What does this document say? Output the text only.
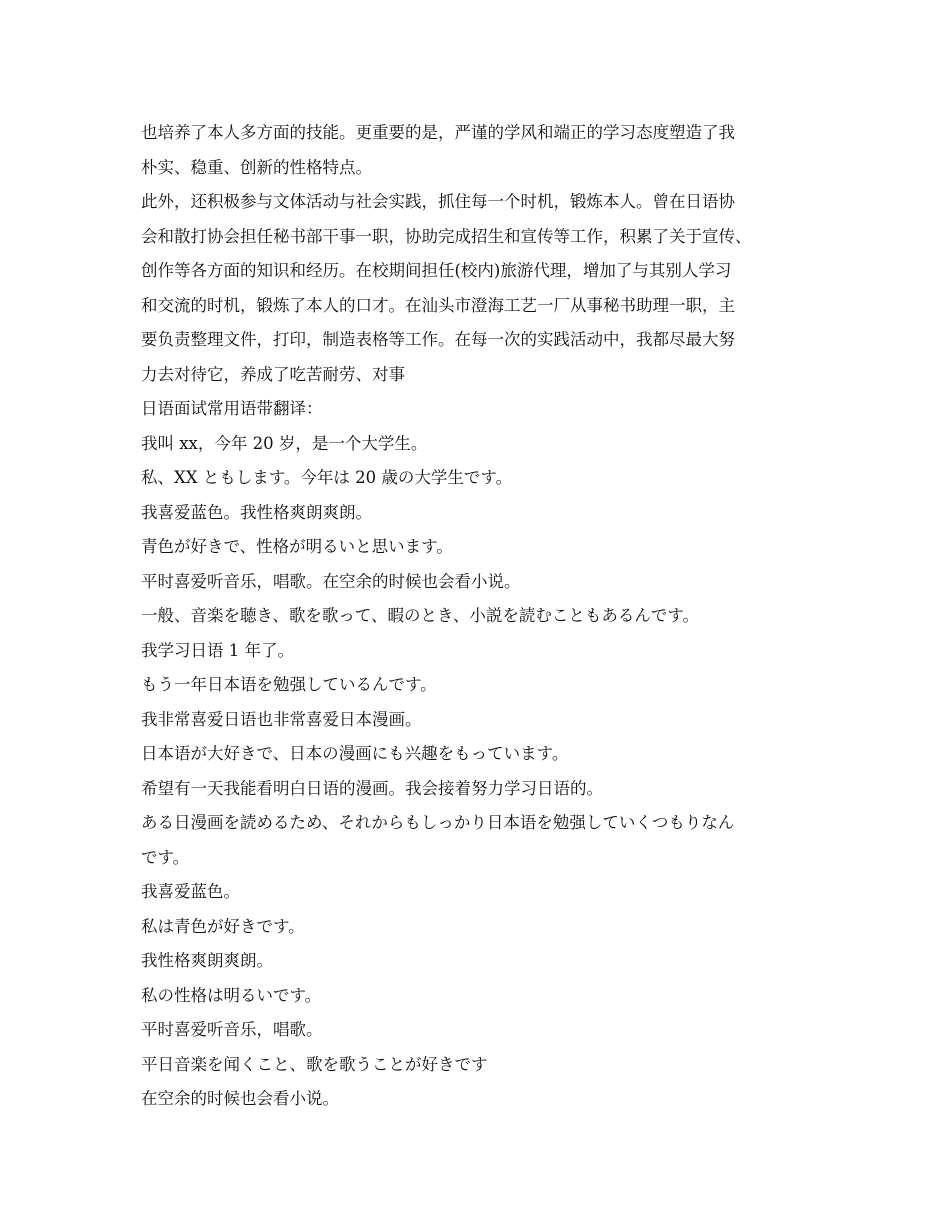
也培养了本人多方面的技能。更重要的是，严谨的学风和端正的学习态度塑造了我
朴实、稳重、创新的性格特点。
此外，还积极参与文体活动与社会实践，抓住每一个时机，锻炼本人。曾在日语协
会和散打协会担任秘书部干事一职，协助完成招生和宣传等工作，积累了关于宣传、
创作等各方面的知识和经历。在校期间担任(校内)旅游代理，增加了与其别人学习
和交流的时机，锻炼了本人的口才。在汕头市澄海工艺一厂从事秘书助理一职，主
要负责整理文件，打印，制造表格等工作。在每一次的实践活动中，我都尽最大努
力去对待它，养成了吃苦耐劳、对事
日语面试常用语带翻译：
我叫 xx，今年 20 岁，是一个大学生。
私、XX ともします。今年は 20 歳の大学生です。
我喜爱蓝色。我性格爽朗爽朗。
青色が好きで、性格が明るいと思います。
平时喜爱听音乐，唱歌。在空余的时候也会看小说。
一般、音楽を聴き、歌を歌って、暇のとき、小説を読むこともあるんです。
我学习日语 1 年了。
もう一年日本语を勉强しているんです。
我非常喜爱日语也非常喜爱日本漫画。
日本语が大好きで、日本の漫画にも兴趣をもっています。
希望有一天我能看明白日语的漫画。我会接着努力学习日语的。
ある日漫画を読めるため、それからもしっかり日本语を勉强していくつもりなん
です。
我喜爱蓝色。
私は青色が好きです。
我性格爽朗爽朗。
私の性格は明るいです。
平时喜爱听音乐，唱歌。
平日音楽を闻くこと、歌を歌うことが好きです
在空余的时候也会看小说。
